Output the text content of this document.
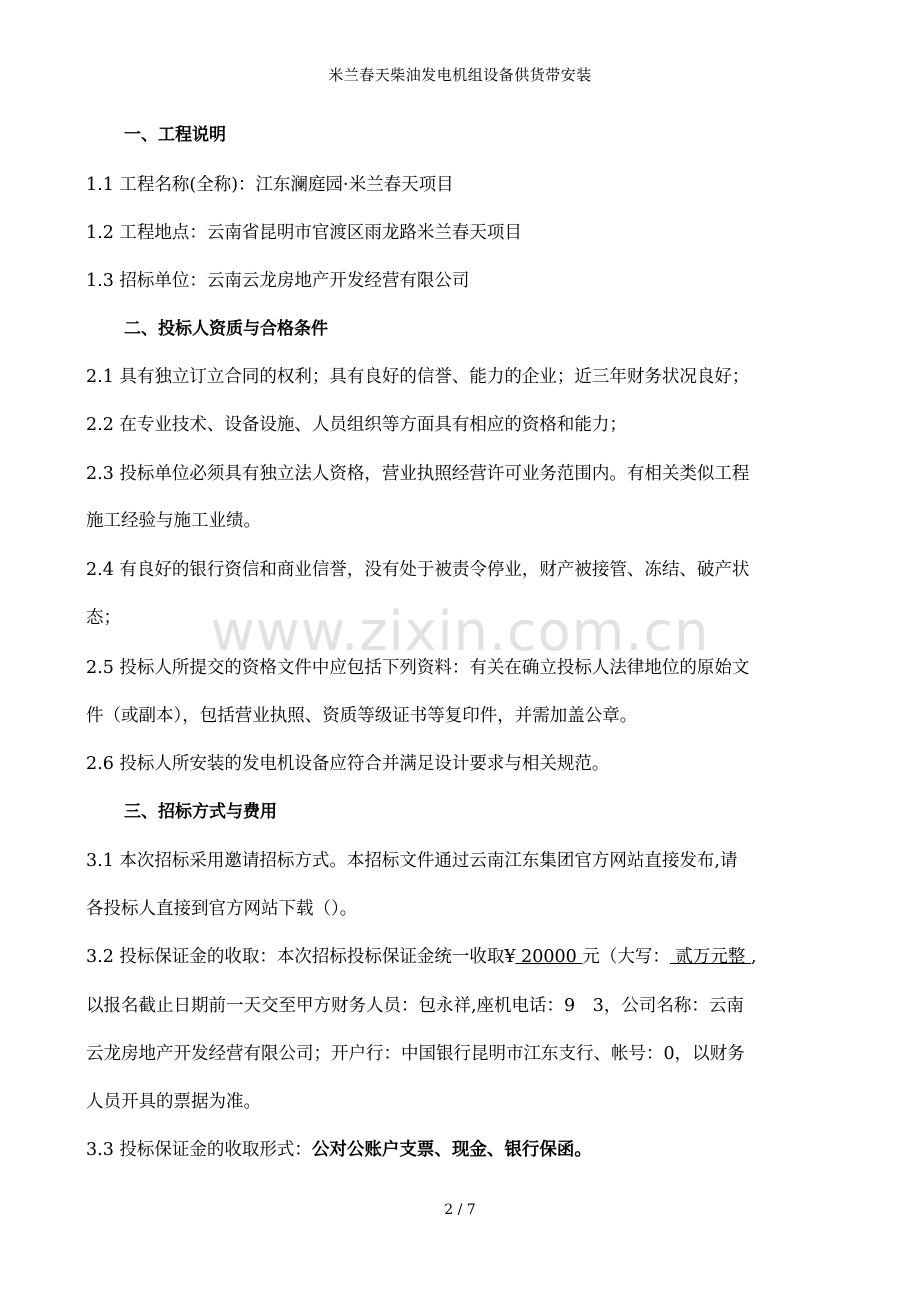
米兰春天柴油发电机组设备供货带安装
一、工程说明
1.1 工程名称(全称)：江东澜庭园·米兰春天项目
1.2 工程地点：云南省昆明市官渡区雨龙路米兰春天项目
1.3 招标单位：云南云龙房地产开发经营有限公司
二、投标人资质与合格条件
2.1 具有独立订立合同的权利；具有良好的信誉、能力的企业；近三年财务状况良好；
2.2 在专业技术、设备设施、人员组织等方面具有相应的资格和能力；
2.3 投标单位必须具有独立法人资格，营业执照经营许可业务范围内。有相关类似工程
施工经验与施工业绩。
2.4 有良好的银行资信和商业信誉，没有处于被责令停业，财产被接管、冻结、破产状
态；
2.5 投标人所提交的资格文件中应包括下列资料：有关在确立投标人法律地位的原始文
件（或副本），包括营业执照、资质等级证书等复印件，并需加盖公章。
2.6 投标人所安装的发电机设备应符合并满足设计要求与相关规范。
三、招标方式与费用
3.1 本次招标采用邀请招标方式。本招标文件通过云南江东集团官方网站直接发布,请
各投标人直接到官方网站下载（）。
3.2 投标保证金的收取：本次招标投标保证金统一收取¥ 20000 元（大写： 贰万元整 ,
以报名截止日期前一天交至甲方财务人员：包永祥,座机电话：9　3，公司名称：云南
云龙房地产开发经营有限公司；开户行：中国银行昆明市江东支行、帐号：0，以财务
人员开具的票据为准。
3.3 投标保证金的收取形式：公对公账户支票、现金、银行保函。
www.zixin.com.cn
2 / 7
